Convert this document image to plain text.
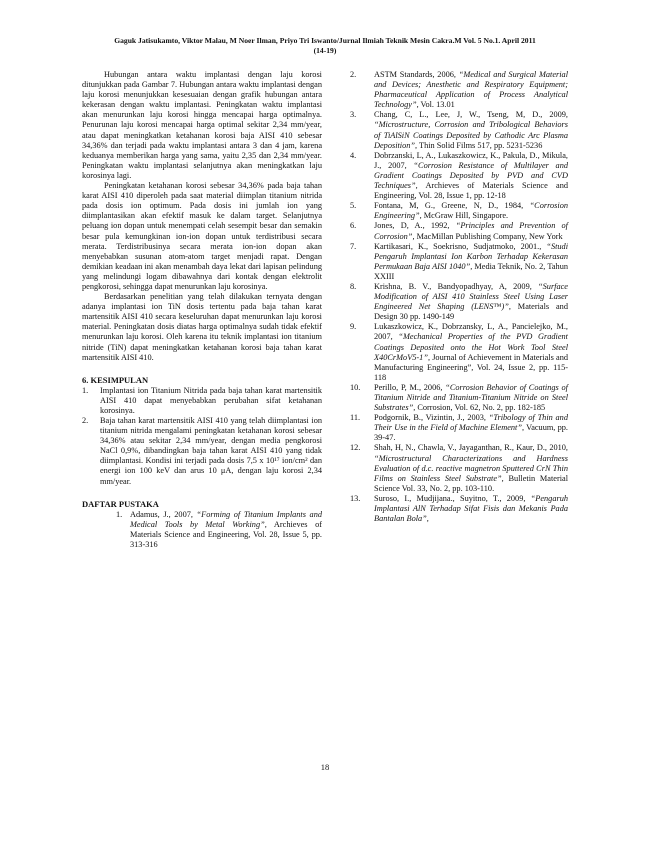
Gaguk Jatisukamto, Viktor Malau, M Noer Ilman, Priyo Tri Iswanto/Jurnal Ilmiah Teknik Mesin Cakra.M Vol. 5 No.1. April 2011
(14-19)

Hubungan antara waktu implantasi dengan laju korosi ditunjukkan pada Gambar 7. Hubungan antara waktu implantasi dengan laju korosi menunjukkan kesesuaian dengan grafik hubungan antara kekerasan dengan waktu implantasi. Peningkatan waktu implantasi akan menurunkan laju korosi hingga mencapai harga optimalnya. Penurunan laju korosi mencapai harga optimal sekitar 2,34 mm/year, atau dapat meningkatkan ketahanan korosi baja AISI 410 sebesar 34,36% dan terjadi pada waktu implantasi antara 3 dan 4 jam, karena keduanya memberikan harga yang sama, yaitu 2,35 dan 2,34 mm/year. Peningkatan waktu implantasi selanjutnya akan meningkatkan laju korosinya lagi.

Peningkatan ketahanan korosi sebesar 34,36% pada baja tahan karat AISI 410 diperoleh pada saat material diimplan titanium nitrida pada dosis ion optimum. Pada dosis ini jumlah ion yang diimplantasikan akan efektif masuk ke dalam target. Selanjutnya peluang ion dopan untuk menempati celah sesempit besar dan semakin besar pula kemungkinan ion-ion dopan untuk terdistribusi secara merata. Terdistribusinya secara merata ion-ion dopan akan menyebabkan susunan atom-atom target menjadi rapat. Dengan demikian keadaan ini akan menambah daya lekat dari lapisan pelindung yang melindungi logam dibawahnya dari kontak dengan elektrolit pengkorosi, sehingga dapat menurunkan laju korosinya.

Berdasarkan penelitian yang telah dilakukan ternyata dengan adanya implantasi ion TiN dosis tertentu pada baja tahan karat martensitik AISI 410 secara keseluruhan dapat menurunkan laju korosi material. Peningkatan dosis diatas harga optimalnya sudah tidak efektif menurunkan laju korosi. Oleh karena itu teknik implantasi ion titanium nitride (TiN) dapat meningkatkan ketahanan korosi baja tahan karat martensitik AISI 410.

6. KESIMPULAN
1. Implantasi ion Titanium Nitrida pada baja tahan karat martensitik AISI 410 dapat menyebabkan perubahan sifat ketahanan korosinya.
2. Baja tahan karat martensitik AISI 410 yang telah diimplantasi ion titanium nitrida mengalami peningkatan ketahanan korosi sebesar 34,36% atau sekitar 2,34 mm/year, dengan media pengkorosi NaCl 0,9%, dibandingkan baja tahan karat AISI 410 yang tidak diimplantasi. Kondisi ini terjadi pada dosis 7,5 x 10¹⁷ ion/cm² dan energi ion 100 keV dan arus 10 μA, dengan laju korosi 2,34 mm/year.
DAFTAR PUSTAKA
1. Adamus, J., 2007, “Forming of Titanium Implants and Medical Tools by Metal Working”, Archieves of Materials Science and Engineering, Vol. 28, Issue 5, pp. 313-316
2. ASTM Standards, 2006, “Medical and Surgical Material and Devices; Anesthetic and Respiratory Equipment; Pharmaceutical Application of Process Analytical Technology”, Vol. 13.01
3. Chang, C, L., Lee, J, W., Tseng, M, D., 2009, “Microstructure, Corrosion and Tribological Behaviors of TiAlSiN Coatings Deposited by Cathodic Arc Plasma Deposition”, Thin Solid Films 517, pp. 5231-5236
4. Dobrzanski, L, A., Lukaszkowicz, K., Pakula, D., Mikula, J., 2007, “Corrosion Resistance of Multilayer and Gradient Coatings Deposited by PVD and CVD Techniques”, Archieves of Materials Science and Engineering, Vol. 28, Issue 1, pp. 12-18
5. Fontana, M, G., Greene, N, D., 1984, “Corrosion Engineering”, McGraw Hill, Singapore.
6. Jones, D, A., 1992, “Principles and Prevention of Corrosion”, MacMillan Publishing Company, New York
7. Kartikasari, K., Soekrisno, Sudjatmoko, 2001., “Studi Pengaruh Implantasi Ion Karbon Terhadap Kekerasan Permukaan Baja AISI 1040”, Media Teknik, No. 2, Tahun XXIII
8. Krishna, B. V., Bandyopadhyay, A, 2009, “Surface Modification of AISI 410 Stainless Steel Using Laser Engineered Net Shaping (LENS™)”, Materials and Design 30 pp. 1490-149
9. Lukaszkowicz, K., Dobrzansky, L, A., Pancielejko, M., 2007, “Mechanical Properties of the PVD Gradient Coatings Deposited onto the Hot Work Tool Steel X40CrMoV5-1”, Journal of Achievement in Materials and Manufacturing Engineering”, Vol. 24, Issue 2, pp. 115-118
10. Perillo, P, M., 2006, “Corrosion Behavior of Coatings of Titanium Nitride and Titanium-Titanium Nitride on Steel Substrates”, Corrosion, Vol. 62, No. 2, pp. 182-185
11. Podgornik, B., Vizintin, J., 2003, “Tribology of Thin and Their Use in the Field of Machine Element”, Vacuum, pp. 39-47.
12. Shah, H, N., Chawla, V., Jayaganthan, R., Kaur, D., 2010, “Microstructural Characterizations and Hardness Evaluation of d.c. reactive magnetron Sputtered CrN Thin Films on Stainless Steel Substrate”, Bulletin Material Science Vol. 33, No. 2, pp. 103-110.
13. Suroso, I., Mudjijana., Suyitno, T., 2009, “Pengaruh Implantasi AlN Terhadap Sifat Fisis dan Mekanis Pada Bantalan Bola”,
18
